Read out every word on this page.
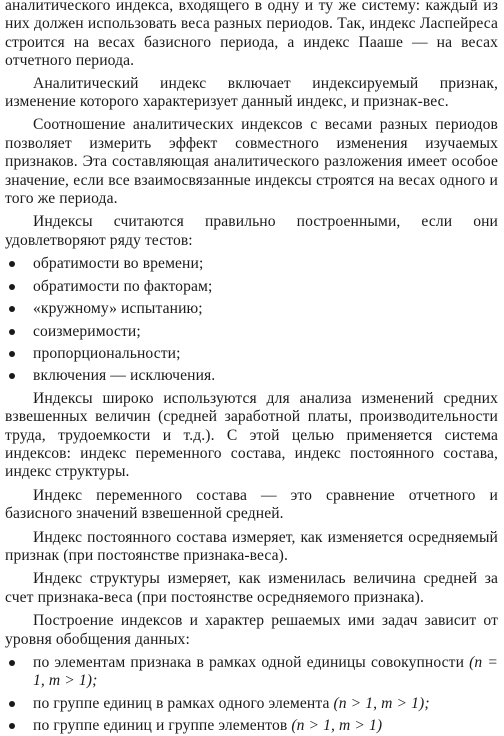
аналитического индекса, входящего в одну и ту же систему: каждый из них должен использовать веса разных периодов. Так, индекс Ласпейреса строится на весах базисного периода, а индекс Пааше — на весах отчетного периода.

Аналитический индекс включает индексируемый признак, изменение которого характеризует данный индекс, и признак-вес.

Соотношение аналитических индексов с весами разных периодов позволяет измерить эффект совместного изменения изучаемых признаков. Эта составляющая аналитического разложения имеет особое значение, если все взаимосвязанные индексы строятся на весах одного и того же периода.

Индексы считаются правильно построенными, если они удовлетворяют ряду тестов:

обратимости во времени;
обратимости по факторам;
«кружному» испытанию;
соизмеримости;
пропорциональности;
включения — исключения.

Индексы широко используются для анализа изменений средних взвешенных величин (средней заработной платы, производительности труда, трудоемкости и т.д.). С этой целью применяется система индексов: индекс переменного состава, индекс постоянного состава, индекс структуры.

Индекс переменного состава — это сравнение отчетного и базисного значений взвешенной средней.

Индекс постоянного состава измеряет, как изменяется осредняемый признак (при постоянстве признака-веса).

Индекс структуры измеряет, как изменилась величина средней за счет признака-веса (при постоянстве осредняемого признака).

Построение индексов и характер решаемых ими задач зависит от уровня обобщения данных:

по элементам признака в рамках одной единицы совокупности (n = 1, m > 1);
по группе единиц в рамках одного элемента (n > 1, m > 1);
по группе единиц и группе элементов (n > 1, m > 1)
